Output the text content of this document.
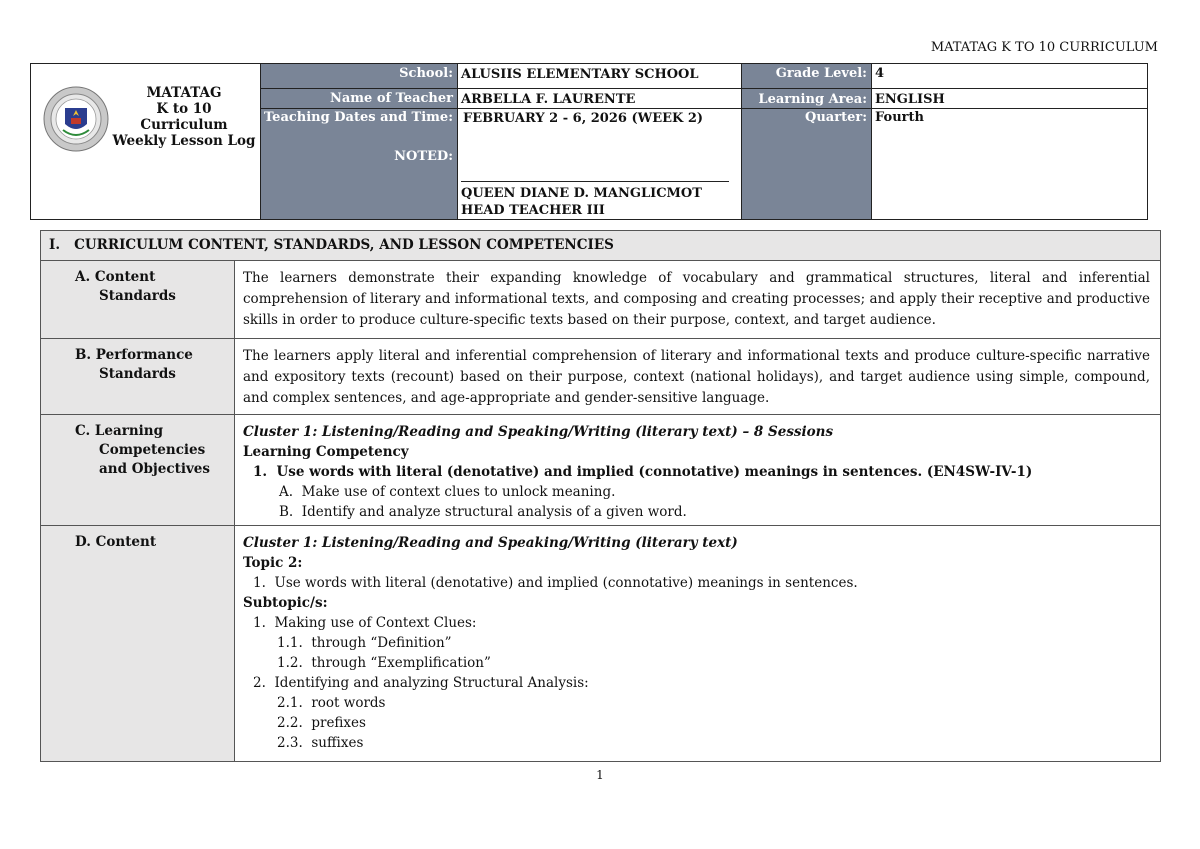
MATATAG K TO 10 CURRICULUM
MATATAG
K to 10 Curriculum
Weekly Lesson Log
School: ALUSIIS ELEMENTARY SCHOOL
Name of Teacher ARBELLA F. LAURENTE
Teaching Dates and Time: FEBRUARY 2 - 6, 2026 (WEEK 2)
NOTED:
QUEEN DIANE D. MANGLICMOT
HEAD TEACHER III
Grade Level: 4
Learning Area: ENGLISH
Quarter: Fourth
I.   CURRICULUM CONTENT, STANDARDS, AND LESSON COMPETENCIES
A. Content
Standards
The learners demonstrate their expanding knowledge of vocabulary and grammatical structures, literal and inferential comprehension of literary and informational texts, and composing and creating processes; and apply their receptive and productive skills in order to produce culture-specific texts based on their purpose, context, and target audience.
B. Performance
Standards
The learners apply literal and inferential comprehension of literary and informational texts and produce culture-specific narrative and expository texts (recount) based on their purpose, context (national holidays), and target audience using simple, compound, and complex sentences, and age-appropriate and gender-sensitive language.
C. Learning
Competencies
and Objectives
Cluster 1: Listening/Reading and Speaking/Writing (literary text) – 8 Sessions
Learning Competency
1.  Use words with literal (denotative) and implied (connotative) meanings in sentences. (EN4SW-IV-1)
A.  Make use of context clues to unlock meaning.
B.  Identify and analyze structural analysis of a given word.
D. Content	Cluster 1: Listening/Reading and Speaking/Writing (literary text)
Topic 2:
1.  Use words with literal (denotative) and implied (connotative) meanings in sentences.
Subtopic/s:
1.  Making use of Context Clues:
1.1.  through “Definition”
1.2.  through “Exemplification”
2.  Identifying and analyzing Structural Analysis:
2.1.  root words
2.2.  prefixes
2.3.  suffixes
1
